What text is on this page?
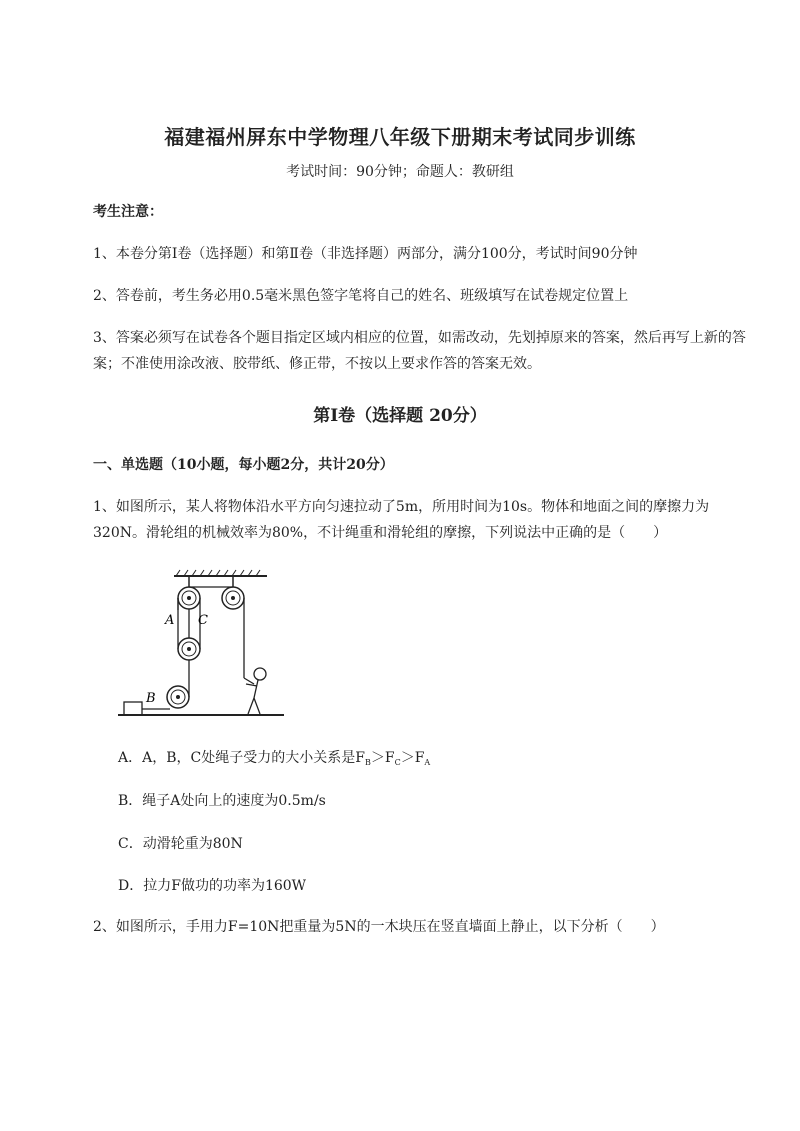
福建福州屏东中学物理八年级下册期末考试同步训练
考试时间：90分钟；命题人：教研组
考生注意：
1、本卷分第I卷（选择题）和第Ⅱ卷（非选择题）两部分，满分100分，考试时间90分钟
2、答卷前，考生务必用0.5毫米黑色签字笔将自己的姓名、班级填写在试卷规定位置上
3、答案必须写在试卷各个题目指定区域内相应的位置，如需改动，先划掉原来的答案，然后再写上新的答案；不准使用涂改液、胶带纸、修正带，不按以上要求作答的答案无效。
第I卷（选择题 20分）
一、单选题（10小题，每小题2分，共计20分）
1、如图所示，某人将物体沿水平方向匀速拉动了5m，所用时间为10s。物体和地面之间的摩擦力为320N。滑轮组的机械效率为80%，不计绳重和滑轮组的摩擦，下列说法中正确的是（　　）
A C
B
A．A，B，C处绳子受力的大小关系是$F_B>F_C>F_A$
B．绳子A处向上的速度为0.5m/s
C．动滑轮重为80N
D．拉力F做功的功率为160W
2、如图所示，手用力F=10N把重量为5N的一木块压在竖直墙面上静止，以下分析（　　）
